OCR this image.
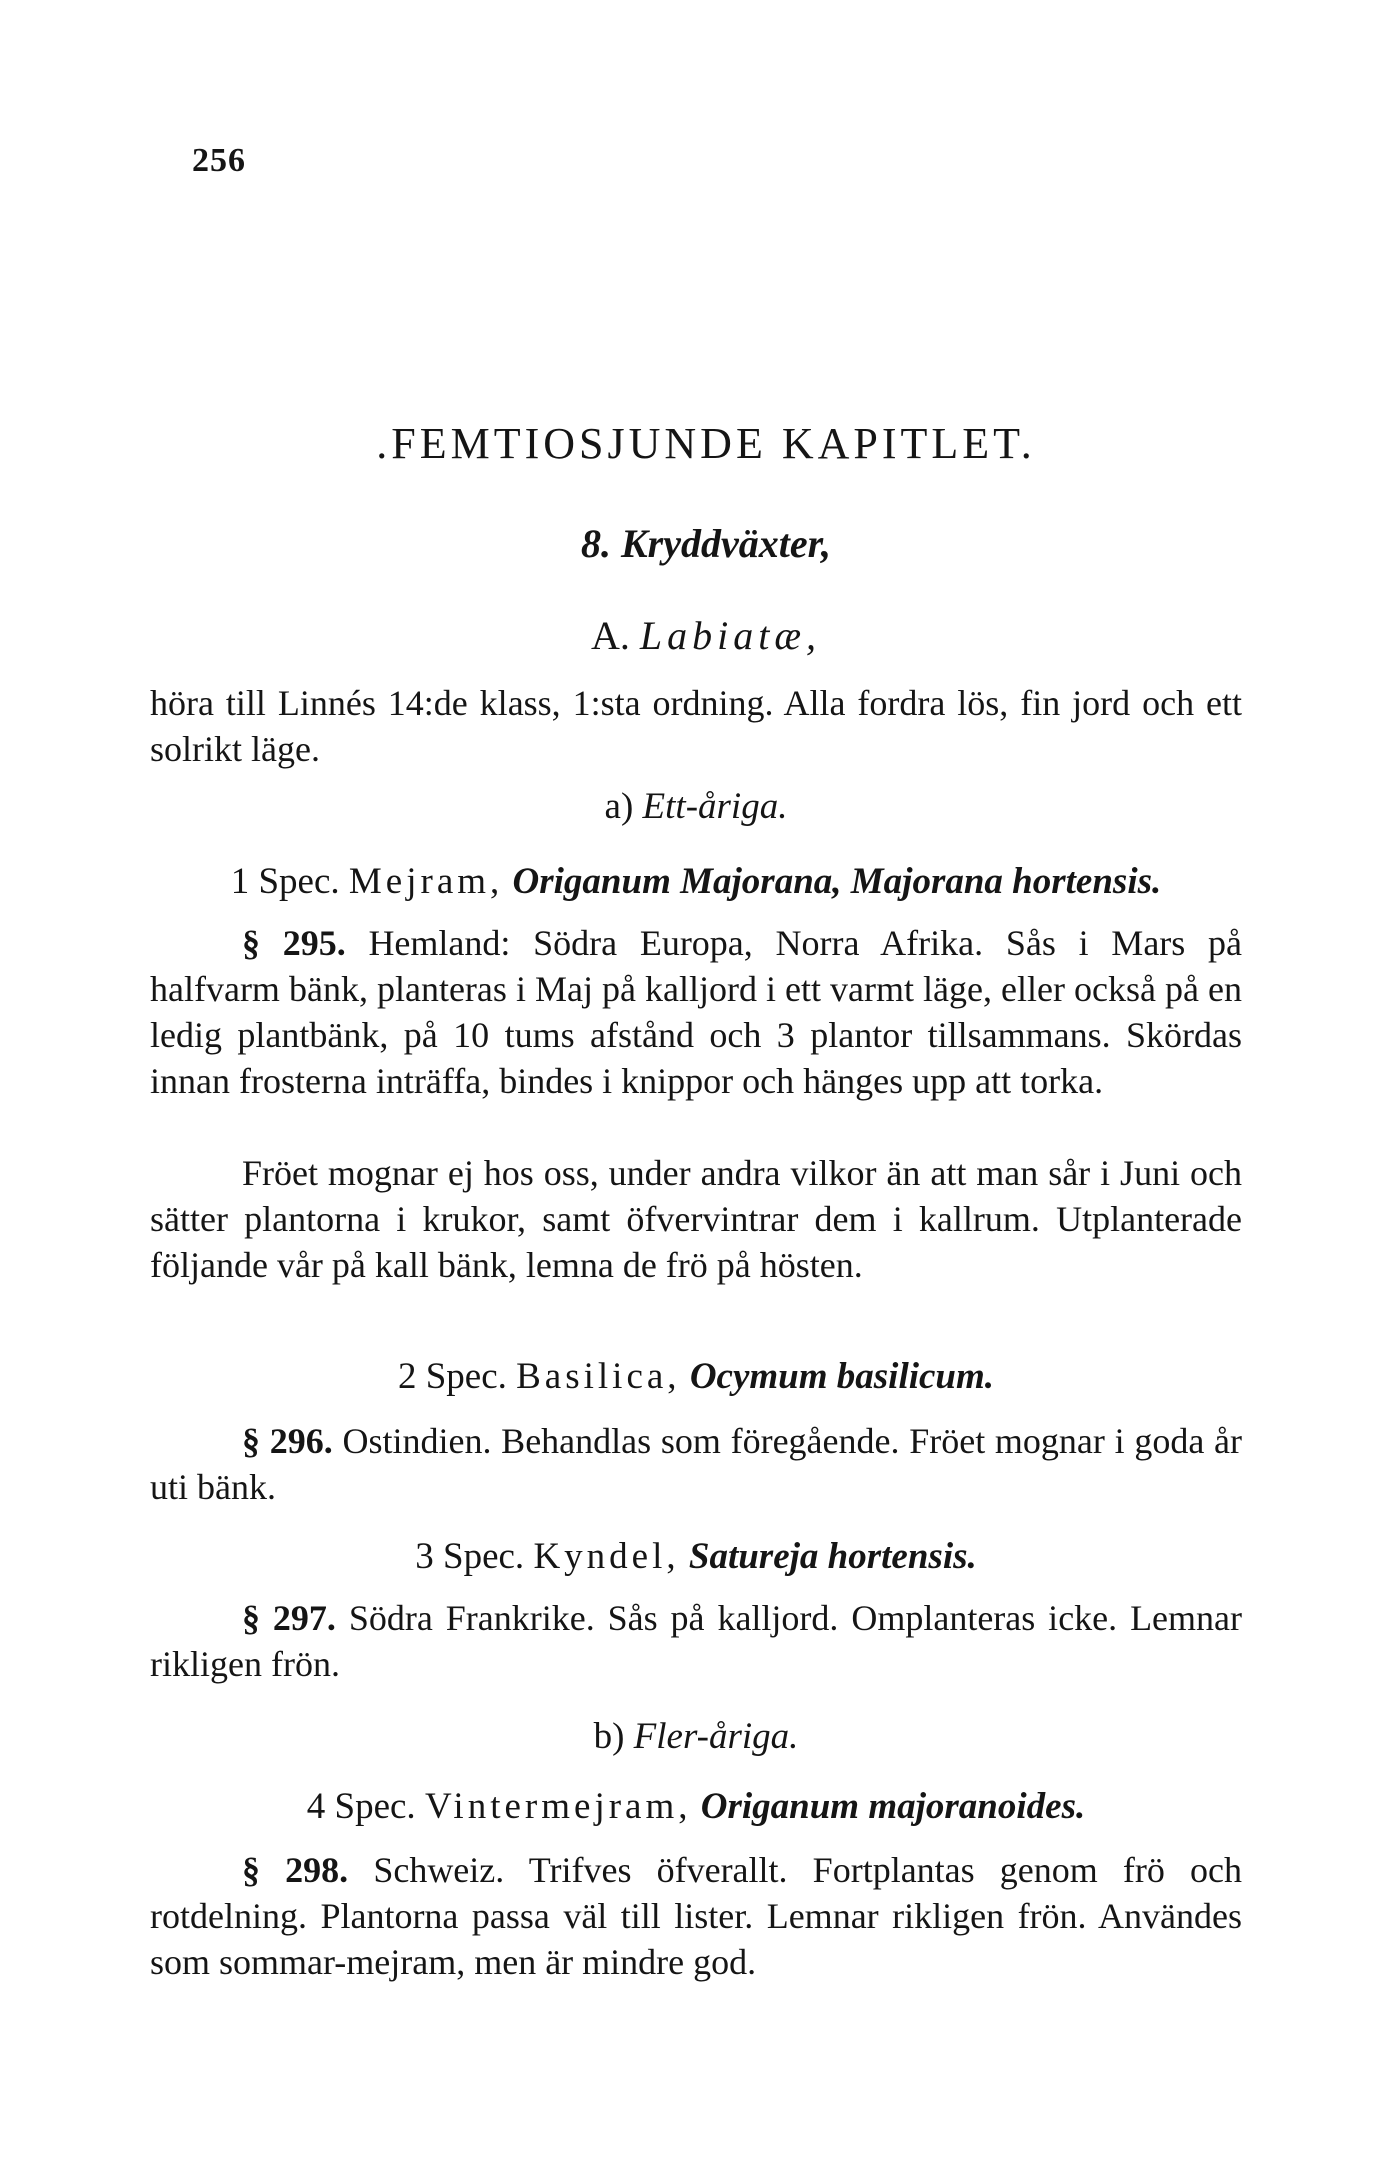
256
.FEMTIOSJUNDE KAPITLET.
8. Kryddväxter,
A. Labiatæ,
höra till Linnés 14:de klass, 1:sta ordning. Alla fordra lös, fin jord och ett solrikt läge.
a) Ett-åriga.
1 Spec. Mejram, Origanum Majorana, Majorana hortensis.
§ 295. Hemland: Södra Europa, Norra Afrika. Sås i Mars på halfvarm bänk, planteras i Maj på kalljord i ett varmt läge, eller också på en ledig plantbänk, på 10 tums afstånd och 3 plantor tillsammans. Skördas innan frosterna inträffa, bindes i knippor och hänges upp att torka.
Fröet mognar ej hos oss, under andra vilkor än att man sår i Juni och sätter plantorna i krukor, samt öfvervintrar dem i kallrum. Utplanterade följande vår på kall bänk, lemna de frö på hösten.
2 Spec. Basilica, Ocymum basilicum.
§ 296. Ostindien. Behandlas som föregående. Fröet mognar i goda år uti bänk.
3 Spec. Kyndel, Satureja hortensis.
§ 297. Södra Frankrike. Sås på kalljord. Omplanteras icke. Lemnar rikligen frön.
b) Fler-åriga.
4 Spec. Vintermejram, Origanum majoranoides.
§ 298. Schweiz. Trifves öfverallt. Fortplantas genom frö och rotdelning. Plantorna passa väl till lister. Lemnar rikligen frön. Användes som sommar-mejram, men är mindre god.
